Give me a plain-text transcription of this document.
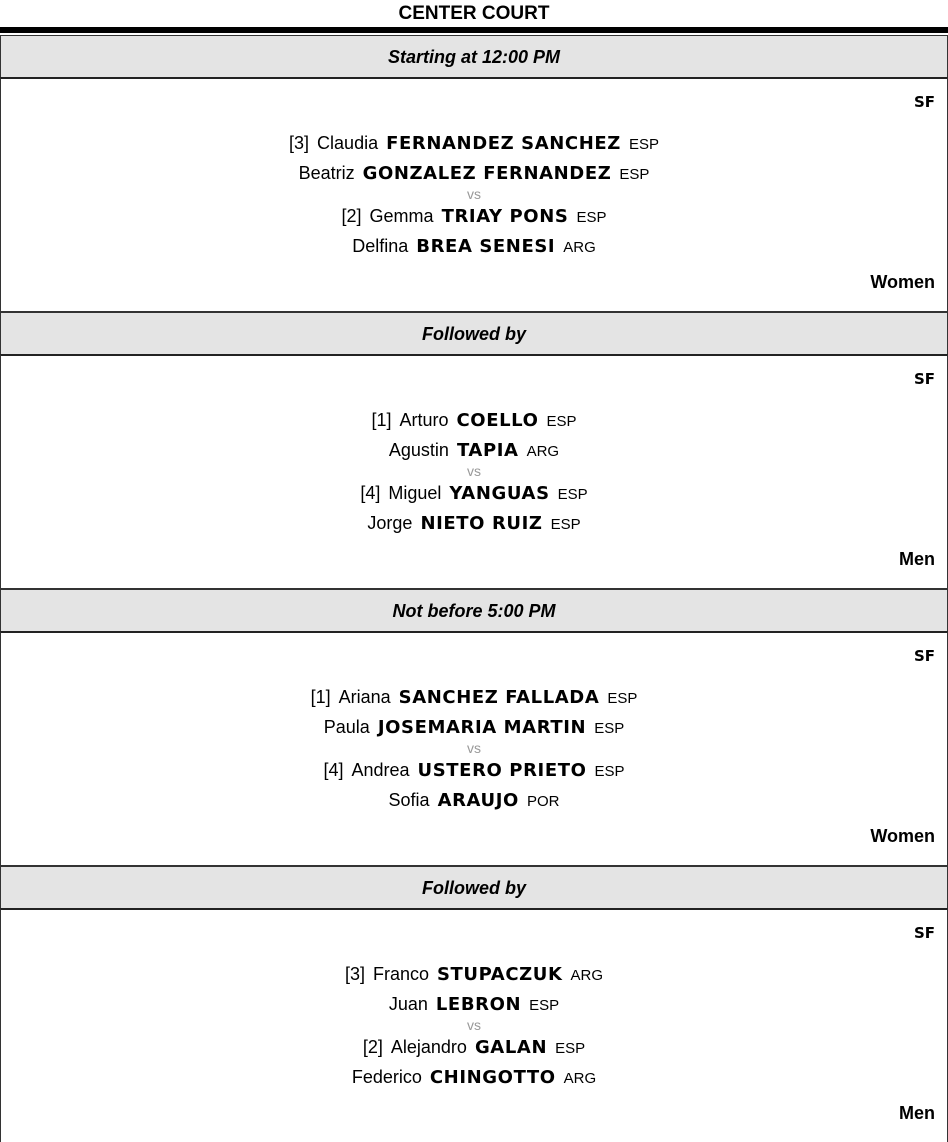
CENTER COURT
Starting at 12:00 PM
SF
[3] Claudia FERNANDEZ SANCHEZ ESP
Beatriz GONZALEZ FERNANDEZ ESP
vs
[2] Gemma TRIAY PONS ESP
Delfina BREA SENESI ARG
Women
Followed by
SF
[1] Arturo COELLO ESP
Agustin TAPIA ARG
vs
[4] Miguel YANGUAS ESP
Jorge NIETO RUIZ ESP
Men
Not before 5:00 PM
SF
[1] Ariana SANCHEZ FALLADA ESP
Paula JOSEMARIA MARTIN ESP
vs
[4] Andrea USTERO PRIETO ESP
Sofia ARAUJO POR
Women
Followed by
SF
[3] Franco STUPACZUK ARG
Juan LEBRON ESP
vs
[2] Alejandro GALAN ESP
Federico CHINGOTTO ARG
Men
